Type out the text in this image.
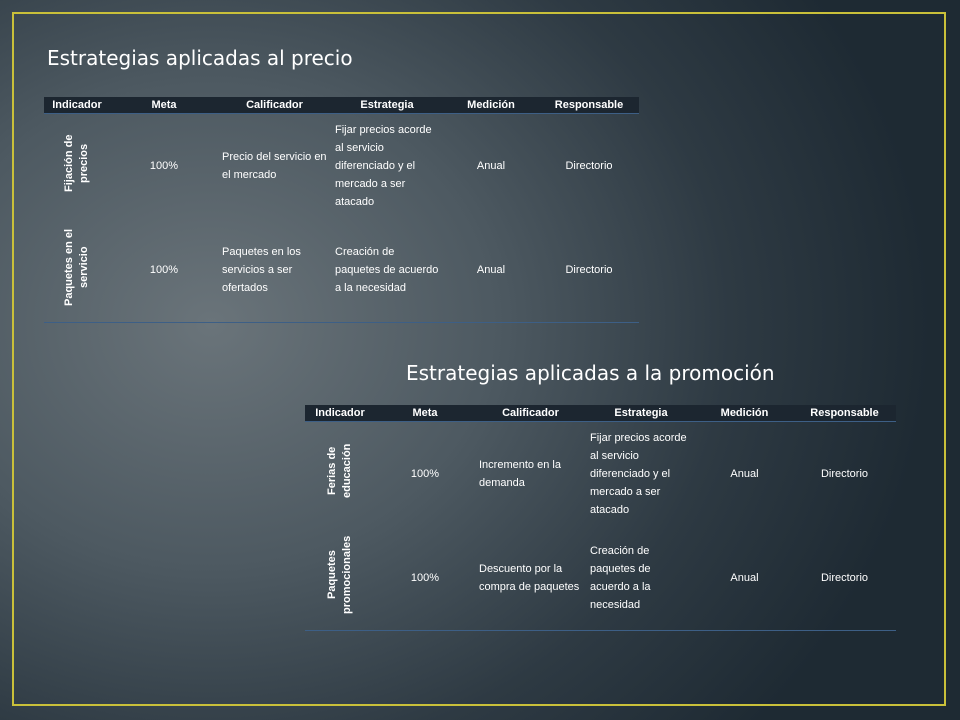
Estrategias aplicadas al precio
Indicador	Meta	Calificador	Estrategia	Medición	Responsable
Fijación de precios	100%	Precio del servicio en el mercado	Fijar precios acorde al servicio diferenciado y el mercado a ser atacado	Anual	Directorio
Paquetes en el servicio	100%	Paquetes en los servicios a ser ofertados	Creación de paquetes de acuerdo a la necesidad	Anual	Directorio
Estrategias aplicadas a la promoción
Indicador	Meta	Calificador	Estrategia	Medición	Responsable
Ferias de educación	100%	Incremento en la demanda	Fijar precios acorde al servicio diferenciado y el mercado a ser atacado	Anual	Directorio
Paquetes promocionales	100%	Descuento por la compra de paquetes	Creación de paquetes de acuerdo a la necesidad	Anual	Directorio
